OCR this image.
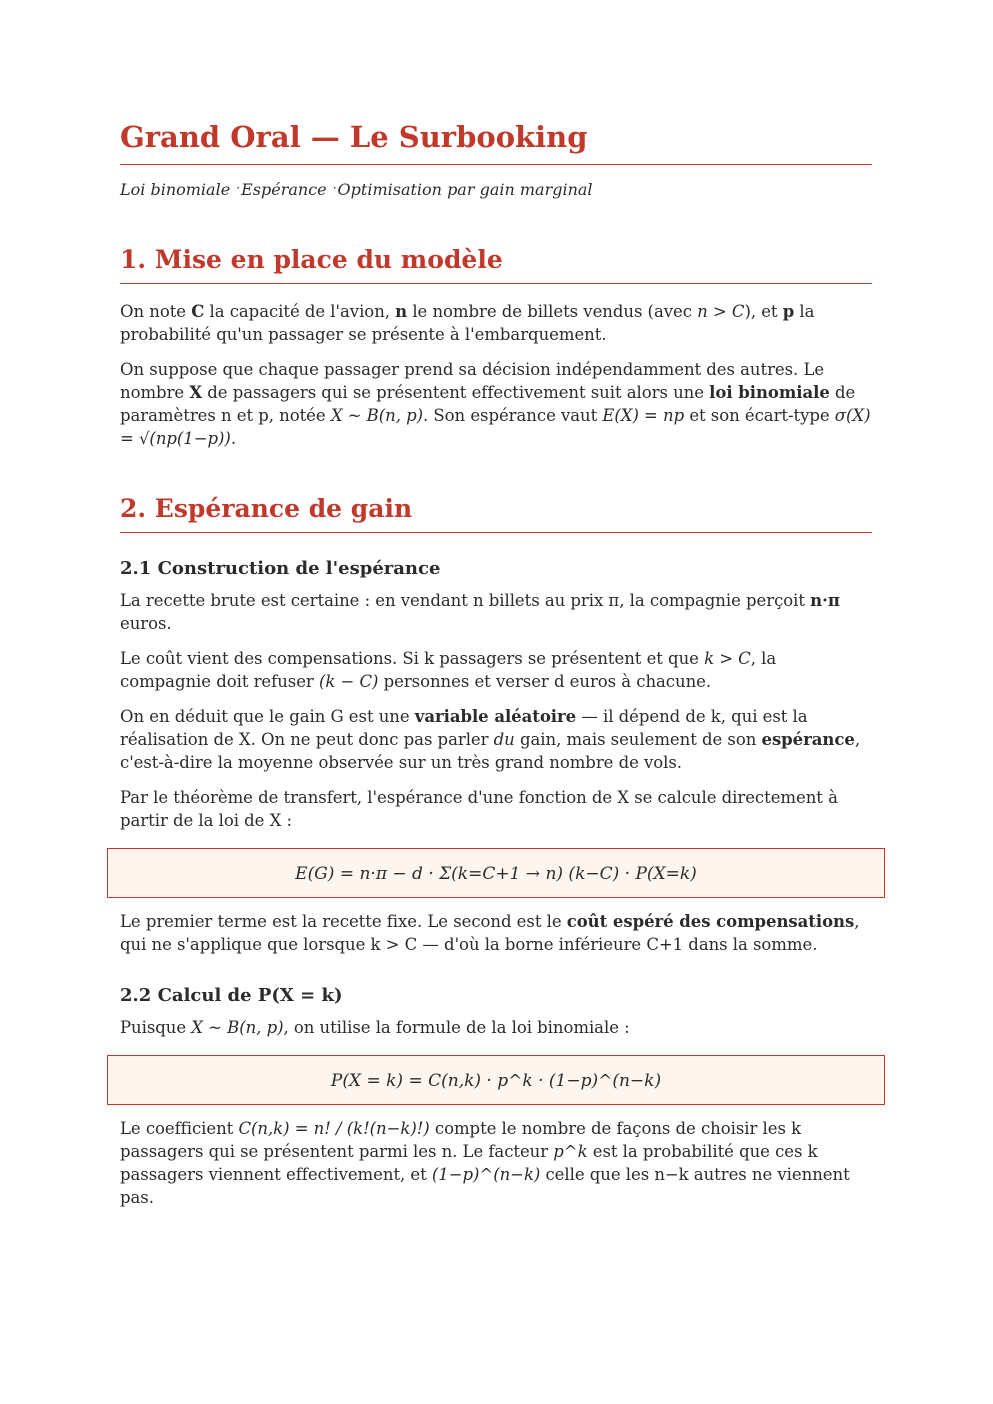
Grand Oral — Le Surbooking
Loi binomiale ·Espérance ·Optimisation par gain marginal
1. Mise en place du modèle

On note C la capacité de l'avion, n le nombre de billets vendus (avec n > C), et p la probabilité qu'un passager se présente à l'embarquement.

On suppose que chaque passager prend sa décision indépendamment des autres. Le nombre X de passagers qui se présentent effectivement suit alors une loi binomiale de paramètres n et p, notée X ~ B(n, p). Son espérance vaut E(X) = np et son écart-type σ(X) = √(np(1−p)).

2. Espérance de gain
2.1 Construction de l'espérance

La recette brute est certaine : en vendant n billets au prix π, la compagnie perçoit n·π euros.

Le coût vient des compensations. Si k passagers se présentent et que k > C, la compagnie doit refuser (k − C) personnes et verser d euros à chacune.

On en déduit que le gain G est une variable aléatoire — il dépend de k, qui est la réalisation de X. On ne peut donc pas parler du gain, mais seulement de son espérance, c'est-à-dire la moyenne observée sur un très grand nombre de vols.

Par le théorème de transfert, l'espérance d'une fonction de X se calcule directement à partir de la loi de X :

E(G) = n·π − d · Σ(k=C+1 → n) (k−C) · P(X=k)

Le premier terme est la recette fixe. Le second est le coût espéré des compensations, qui ne s'applique que lorsque k > C — d'où la borne inférieure C+1 dans la somme.

2.2 Calcul de P(X = k)

Puisque X ~ B(n, p), on utilise la formule de la loi binomiale :

P(X = k) = C(n,k) · p^k · (1−p)^(n−k)

Le coefficient C(n,k) = n! / (k!(n−k)!) compte le nombre de façons de choisir les k passagers qui se présentent parmi les n. Le facteur p^k est la probabilité que ces k passagers viennent effectivement, et (1−p)^(n−k) celle que les n−k autres ne viennent pas.
